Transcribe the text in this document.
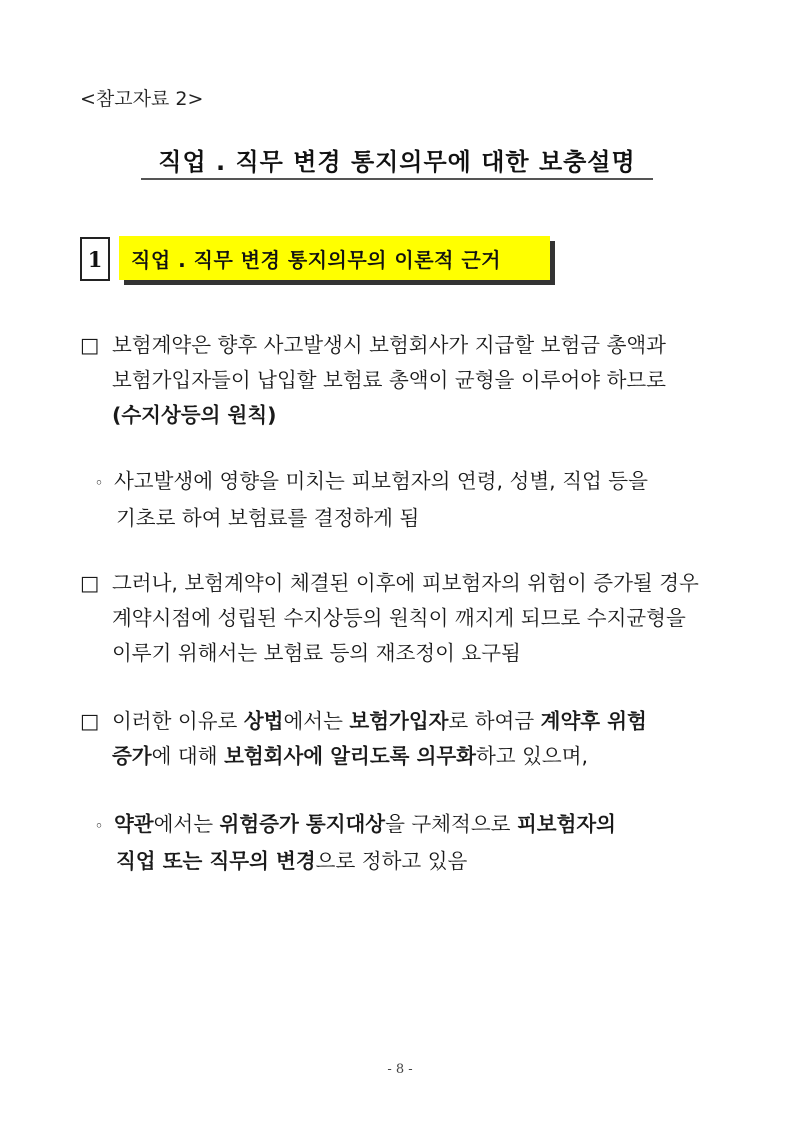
<참고자료 2>
직업 . 직무 변경 통지의무에 대한 보충설명
1	직업 . 직무 변경 통지의무의 이론적 근거
□ 보험계약은 향후 사고발생시 보험회사가 지급할 보험금 총액과
보험가입자들이 납입할 보험료 총액이 균형을 이루어야 하므로
(수지상등의 원칙)
◦ 사고발생에 영향을 미치는 피보험자의 연령, 성별, 직업 등을
기초로 하여 보험료를 결정하게 됨
□ 그러나, 보험계약이 체결된 이후에 피보험자의 위험이 증가될 경우
계약시점에 성립된 수지상등의 원칙이 깨지게 되므로 수지균형을
이루기 위해서는 보험료 등의 재조정이 요구됨
□ 이러한 이유로 상법에서는 보험가입자로 하여금 계약후 위험
증가에 대해 보험회사에 알리도록 의무화하고 있으며,
◦ 약관에서는 위험증가 통지대상을 구체적으로 피보험자의
직업 또는 직무의 변경으로 정하고 있음
- 8 -
